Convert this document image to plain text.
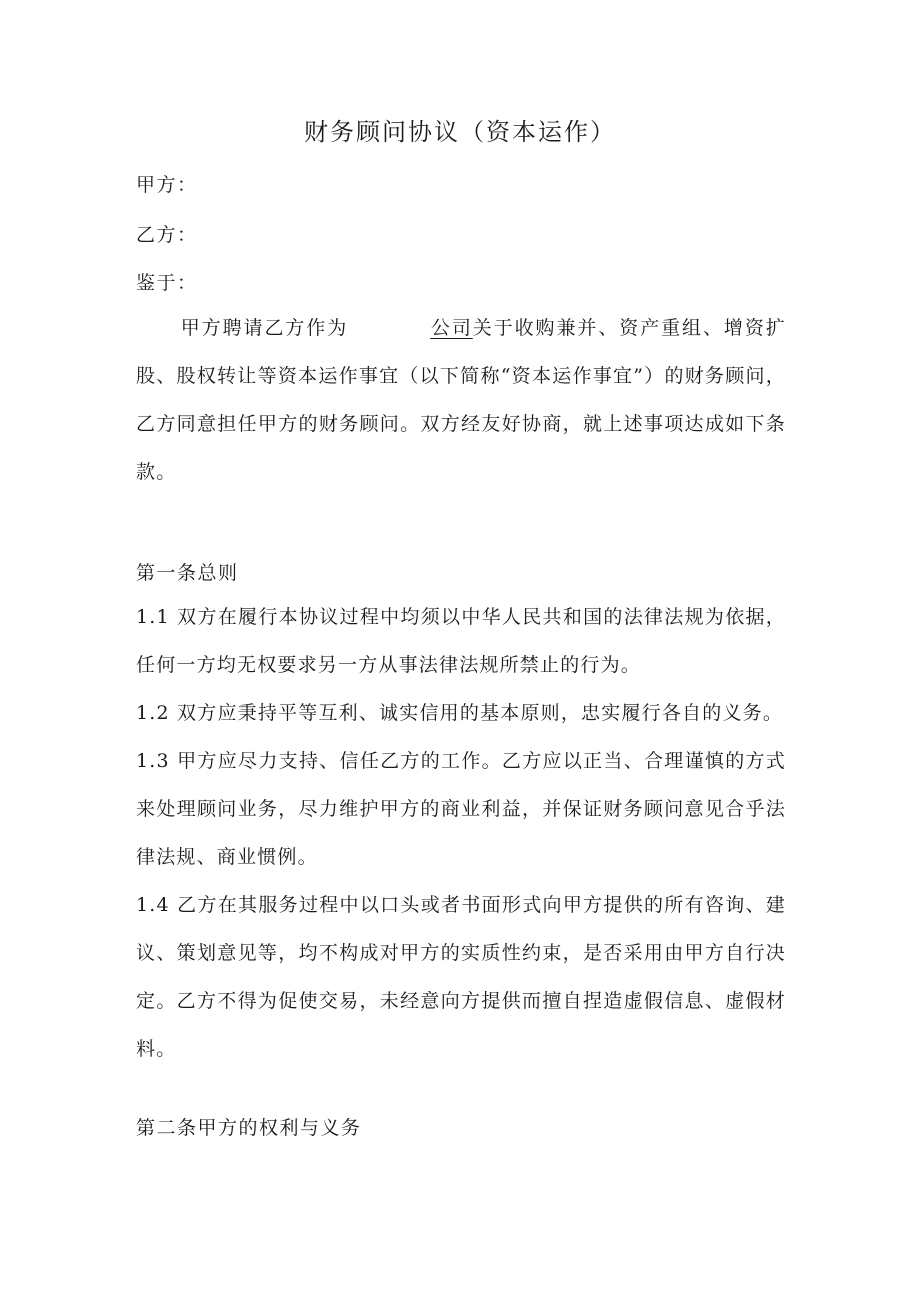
财务顾问协议（资本运作）
甲方：
乙方：
鉴于：
甲方聘请乙方作为	公司关于收购兼并、资产重组、增资扩股、股权转让等资本运作事宜（以下简称“资本运作事宜”）的财务顾问，乙方同意担任甲方的财务顾问。双方经友好协商，就上述事项达成如下条款。
第一条总则
1.1 双方在履行本协议过程中均须以中华人民共和国的法律法规为依据，任何一方均无权要求另一方从事法律法规所禁止的行为。
1.2 双方应秉持平等互利、诚实信用的基本原则，忠实履行各自的义务。
1.3 甲方应尽力支持、信任乙方的工作。乙方应以正当、合理谨慎的方式来处理顾问业务，尽力维护甲方的商业利益，并保证财务顾问意见合乎法律法规、商业惯例。
1.4 乙方在其服务过程中以口头或者书面形式向甲方提供的所有咨询、建议、策划意见等，均不构成对甲方的实质性约束，是否采用由甲方自行决定。乙方不得为促使交易，未经意向方提供而擅自捏造虚假信息、虚假材料。
第二条甲方的权利与义务
